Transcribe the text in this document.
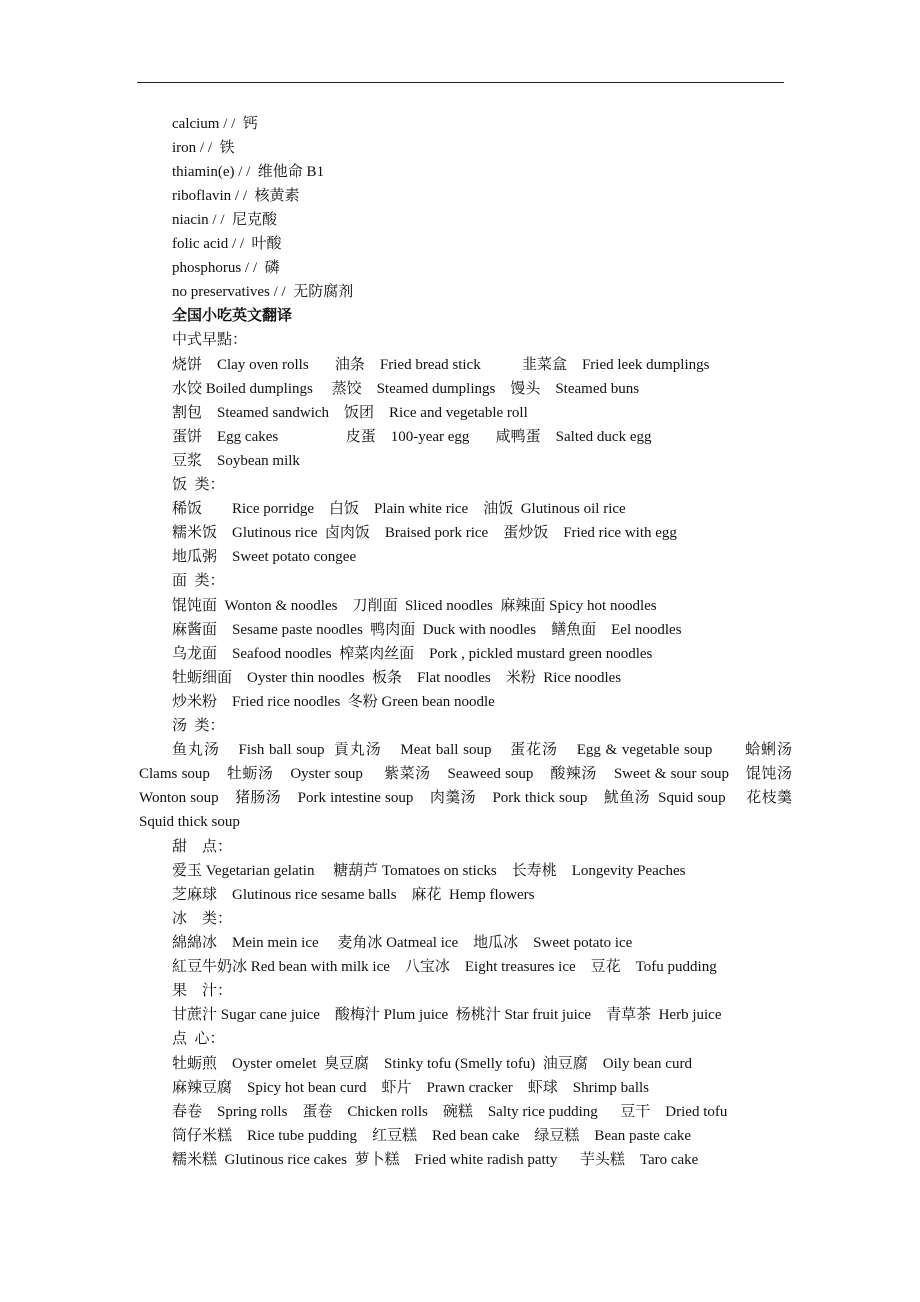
calcium / /  钙
iron / /  铁
thiamin(e) / /  维他命 B1
riboflavin / /  核黄素
niacin / /  尼克酸
folic acid / /  叶酸
phosphorus / /  磷
no preservatives / /  无防腐剂
全国小吃英文翻译
中式早點：
烧饼    Clay oven rolls       油条    Fried bread stick           韭菜盒    Fried leek dumplings
水饺 Boiled dumplings     蒸饺    Steamed dumplings    馒头    Steamed buns
割包    Steamed sandwich    饭团    Rice and vegetable roll
蛋饼    Egg cakes                  皮蛋    100-year egg       咸鸭蛋    Salted duck egg
豆浆    Soybean milk
饭  类：
稀饭        Rice porridge    白饭    Plain white rice    油饭  Glutinous oil rice
糯米饭    Glutinous rice  卤肉饭    Braised pork rice    蛋炒饭    Fried rice with egg
地瓜粥    Sweet potato congee
面  类：
馄饨面  Wonton & noodles    刀削面  Sliced noodles  麻辣面 Spicy hot noodles
麻酱面    Sesame paste noodles  鸭肉面  Duck with noodles    鳝魚面    Eel noodles
乌龙面    Seafood noodles  榨菜肉丝面    Pork , pickled mustard green noodles
牡蛎细面    Oyster thin noodles  板条    Flat noodles    米粉  Rice noodles
炒米粉    Fried rice noodles  冬粉 Green bean noodle
汤  类：
鱼丸汤    Fish ball soup  貢丸汤    Meat ball soup    蛋花汤    Egg & vegetable soup       蛤蜊汤    Clams soup    牡蛎汤    Oyster soup     紫菜汤    Seaweed soup    酸辣汤    Sweet & sour soup    馄饨汤    Wonton soup    猪肠汤    Pork intestine soup    肉羹汤    Pork thick soup    魷鱼汤  Squid soup     花枝羹    Squid thick soup
甜    点：
爱玉 Vegetarian gelatin     糖葫芦 Tomatoes on sticks    长寿桃    Longevity Peaches
芝麻球    Glutinous rice sesame balls    麻花  Hemp flowers
冰    类：
綿綿冰    Mein mein ice     麦角冰 Oatmeal ice    地瓜冰    Sweet potato ice
紅豆牛奶冰 Red bean with milk ice    八宝冰    Eight treasures ice    豆花    Tofu pudding
果    汁：
甘蔗汁 Sugar cane juice    酸梅汁 Plum juice  杨桃汁 Star fruit juice    青草茶  Herb juice
点  心：
牡蛎煎    Oyster omelet  臭豆腐    Stinky tofu (Smelly tofu)  油豆腐    Oily bean curd
麻辣豆腐    Spicy hot bean curd    虾片    Prawn cracker    虾球    Shrimp balls
春卷    Spring rolls    蛋卷    Chicken rolls    碗糕    Salty rice pudding      豆干    Dried tofu
筒仔米糕    Rice tube pudding    红豆糕    Red bean cake    绿豆糕    Bean paste cake
糯米糕  Glutinous rice cakes  萝卜糕    Fried white radish patty      芋头糕    Taro cake
